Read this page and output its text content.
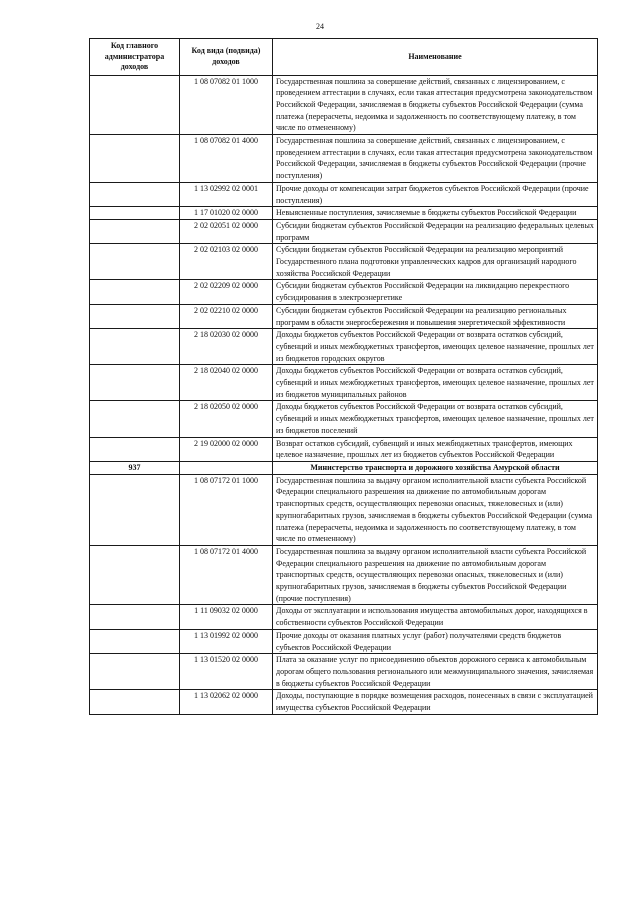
24
Код главного администратора доходов	Код вида (подвида) доходов	Наименование
	1 08 07082 01 1000	Государственная пошлина за совершение действий, связанных с лицензированием, с проведением аттестации в случаях, если такая аттестация предусмотрена законодательством Российской Федерации, зачисляемая в бюджеты субъектов Российской Федерации (сумма платежа (перерасчеты, недоимка и задолженность по соответствующему платежу, в том числе по отмененному)
	1 08 07082 01 4000	Государственная пошлина за совершение действий, связанных с лицензированием, с проведением аттестации в случаях, если такая аттестация предусмотрена законодательством Российской Федерации, зачисляемая в бюджеты субъектов Российской Федерации (прочие поступления)
	1 13 02992 02 0001	Прочие доходы от компенсации затрат бюджетов субъектов Российской Федерации (прочие поступления)
	1 17 01020 02 0000	Невыясненные поступления, зачисляемые в бюджеты субъектов Российской Федерации
	2 02 02051 02 0000	Субсидии бюджетам субъектов Российской Федерации на реализацию федеральных целевых программ
	2 02 02103 02 0000	Субсидии бюджетам субъектов Российской Федерации на реализацию мероприятий Государственного плана подготовки управленческих кадров для организаций народного хозяйства Российской Федерации
	2 02 02209 02 0000	Субсидии бюджетам субъектов Российской Федерации на ликвидацию перекрестного субсидирования в электроэнергетике
	2 02 02210 02 0000	Субсидии бюджетам субъектов Российской Федерации на реализацию региональных программ в области энергосбережения и повышения энергетической эффективности
	2 18 02030 02 0000	Доходы бюджетов субъектов Российской Федерации от возврата остатков субсидий, субвенций и иных межбюджетных трансфертов, имеющих целевое назначение, прошлых лет из бюджетов городских округов
	2 18 02040 02 0000	Доходы бюджетов субъектов Российской Федерации от возврата остатков субсидий, субвенций и иных межбюджетных трансфертов, имеющих целевое назначение, прошлых лет из бюджетов муниципальных районов
	2 18 02050 02 0000	Доходы бюджетов субъектов Российской Федерации от возврата остатков субсидий, субвенций и иных межбюджетных трансфертов, имеющих целевое назначение, прошлых лет из бюджетов поселений
	2 19 02000 02 0000	Возврат остатков субсидий, субвенций и иных межбюджетных трансфертов, имеющих целевое назначение, прошлых лет из бюджетов субъектов Российской Федерации
937		Министерство транспорта и дорожного хозяйства Амурской области
	1 08 07172 01 1000	Государственная пошлина за выдачу органом исполнительной власти субъекта Российской Федерации специального разрешения на движение по автомобильным дорогам транспортных средств, осуществляющих перевозки опасных, тяжеловесных и (или) крупногабаритных грузов, зачисляемая в бюджеты субъектов Российской Федерации (сумма платежа (перерасчеты, недоимка и задолженность по соответствующему платежу, в том числе по отмененному)
	1 08 07172 01 4000	Государственная пошлина за выдачу органом исполнительной власти субъекта Российской Федерации специального разрешения на движение по автомобильным дорогам транспортных средств, осуществляющих перевозки опасных, тяжеловесных и (или) крупногабаритных грузов, зачисляемая в бюджеты субъектов Российской Федерации (прочие поступления)
	1 11 09032 02 0000	Доходы от эксплуатации и использования имущества автомобильных дорог, находящихся в собственности субъектов Российской Федерации
	1 13 01992 02 0000	Прочие доходы от оказания платных услуг (работ) получателями средств бюджетов субъектов Российской Федерации
	1 13 01520 02 0000	Плата за оказание услуг по присоединению объектов дорожного сервиса к автомобильным дорогам общего пользования регионального или межмуниципального значения, зачисляемая в бюджеты субъектов Российской Федерации
	1 13 02062 02 0000	Доходы, поступающие в порядке возмещения расходов, понесенных в связи с эксплуатацией имущества субъектов Российской Федерации
